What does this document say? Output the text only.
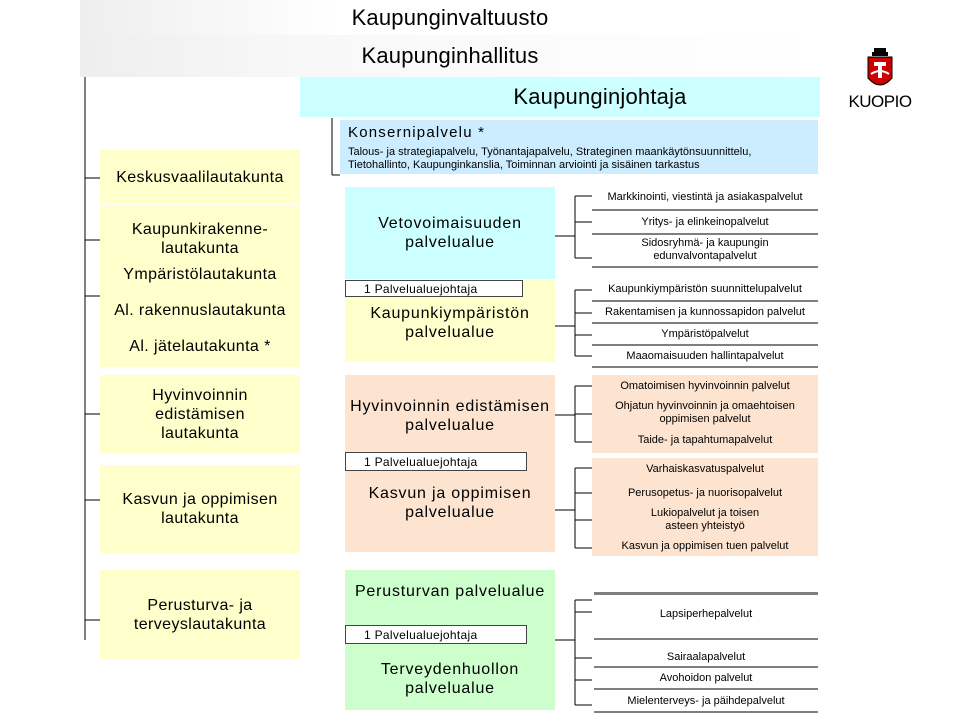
Kaupunginvaltuusto
Kaupunginhallitus
Kaupunginjohtaja	KUOPIO
Keskusvaalilautakunta
Kaupunkirakenne-
lautakunta
Ympäristölautakunta
Al. rakennuslautakunta
Al. jätelautakunta *
Hyvinvoinnin
edistämisen
lautakunta
Kasvun ja oppimisen
lautakunta
Perusturva- ja
terveyslautakunta
Konsernipalvelu *
Talous- ja strategiapalvelu, Työnantajapalvelu, Strateginen maankäytönsuunnittelu,
Tietohallinto, Kaupunginkanslia, Toiminnan arviointi ja sisäinen tarkastus
Vetovoimaisuuden
palvelualue
1 Palvelualuejohtaja
Kaupunkiympäristön
palvelualue
Hyvinvoinnin edistämisen
palvelualue
1 Palvelualuejohtaja
Kasvun ja oppimisen
palvelualue
Perusturvan palvelualue
1 Palvelualuejohtaja
Terveydenhuollon
palvelualue
Markkinointi, viestintä ja asiakaspalvelut
Yritys- ja elinkeinopalvelut
Sidosryhmä- ja kaupungin
edunvalvontapalvelut
Kaupunkiympäristön suunnittelupalvelut
Rakentamisen ja kunnossapidon palvelut
Ympäristöpalvelut
Maaomaisuuden hallintapalvelut
Omatoimisen hyvinvoinnin palvelut
Ohjatun hyvinvoinnin ja omaehtoisen
oppimisen palvelut
Taide- ja tapahtumapalvelut
Varhaiskasvatuspalvelut
Perusopetus- ja nuorisopalvelut
Lukiopalvelut ja toisen
asteen yhteistyö
Kasvun ja oppimisen tuen palvelut
Lapsiperhepalvelut
Sairaalapalvelut
Avohoidon palvelut
Mielenterveys- ja päihdepalvelut
